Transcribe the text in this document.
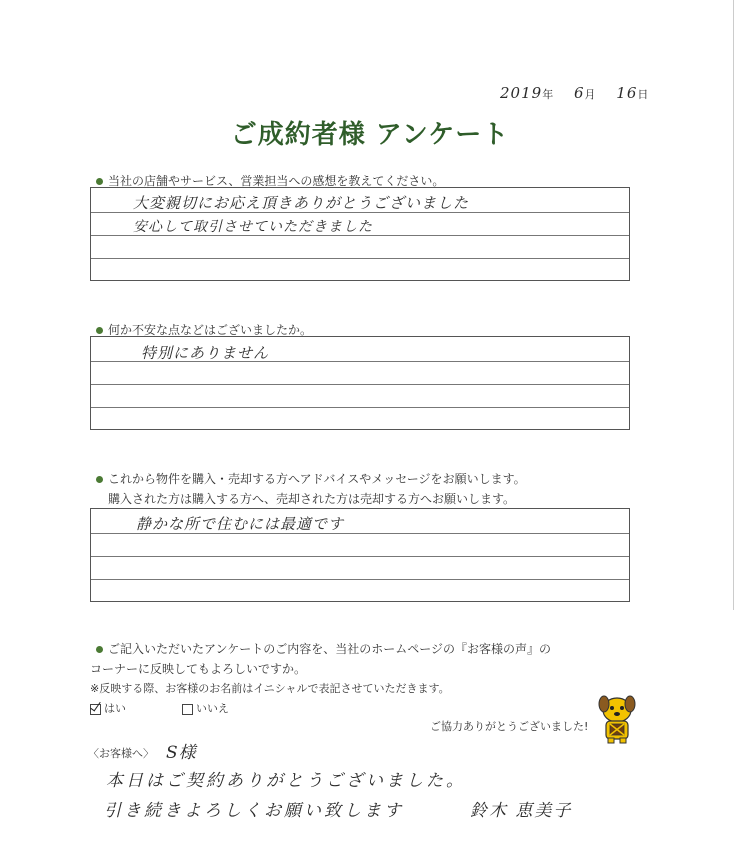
2019年 6月 16日
ご成約者様 アンケート
当社の店舗やサービス、営業担当への感想を教えてください。
大変親切にお応え頂きありがとうございました
安心して取引させていただきました
何か不安な点などはございましたか。
特別にありません
これから物件を購入・売却する方へアドバイスやメッセージをお願いします。
購入された方は購入する方へ、売却された方は売却する方へお願いします。
静かな所で住むには最適です
ご記入いただいたアンケートのご内容を、当社のホームページの『お客様の声』の
コーナーに反映してもよろしいですか。
※反映する際、お客様のお名前はイニシャルで表記させていただきます。
はい	いいえ
ご協力ありがとうございました!
〈お客様へ〉 S様
本日はご契約ありがとうございました。
引き続きよろしくお願い致します	鈴木 恵美子
